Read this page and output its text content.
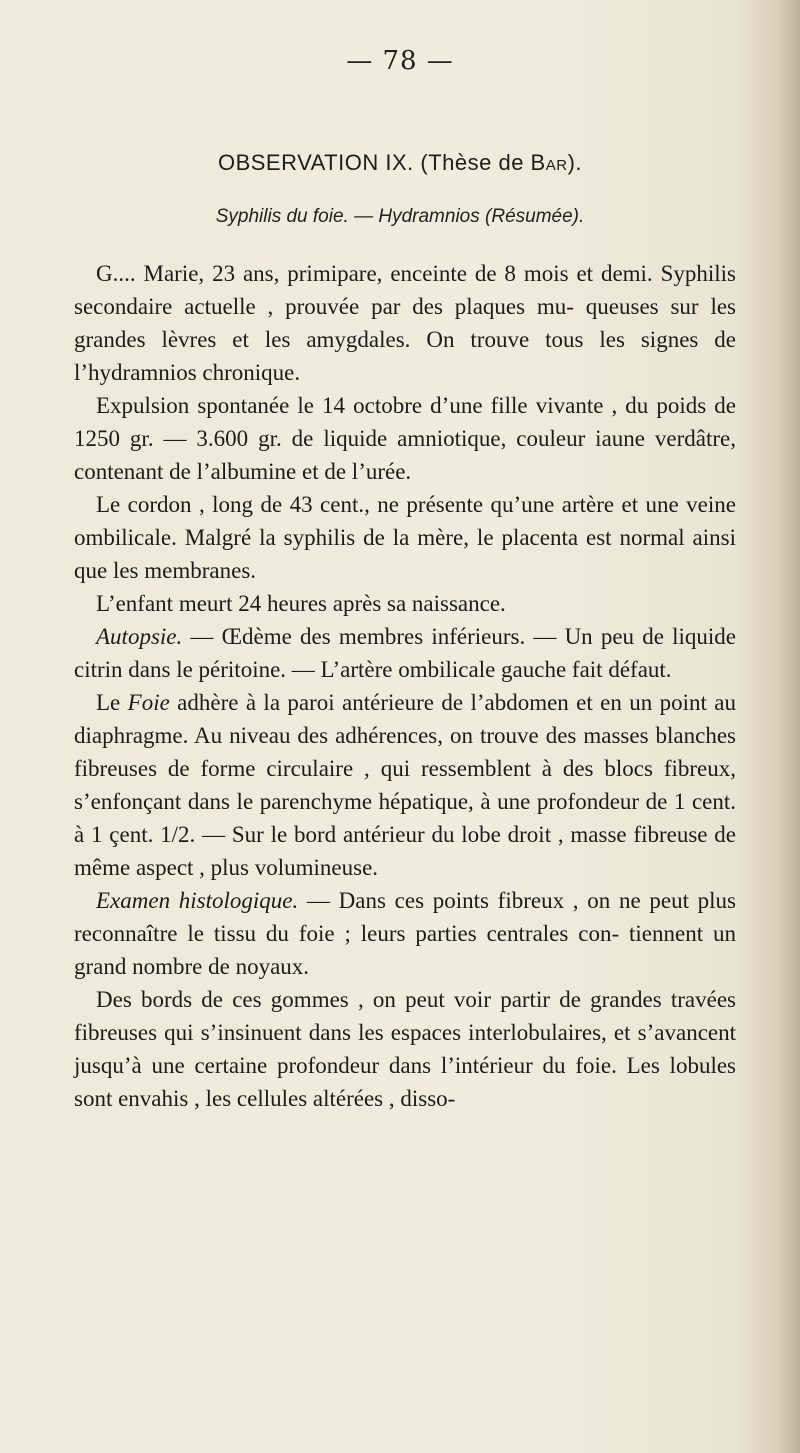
— 78 —
OBSERVATION IX. (Thèse de Bar).
Syphilis du foie. — Hydramnios (Résumée).

G.... Marie, 23 ans, primipare, enceinte de 8 mois et demi. Syphilis secondaire actuelle , prouvée par des plaques mu- queuses sur les grandes lèvres et les amygdales. On trouve tous les signes de l’hydramnios chronique.

Expulsion spontanée le 14 octobre d’une fille vivante , du poids de 1250 gr. — 3.600 gr. de liquide amniotique, couleur iaune verdâtre, contenant de l’albumine et de l’urée.

Le cordon , long de 43 cent., ne présente qu’une artère et une veine ombilicale. Malgré la syphilis de la mère, le placenta est normal ainsi que les membranes.

L’enfant meurt 24 heures après sa naissance.

Autopsie. — Œdème des membres inférieurs. — Un peu de liquide citrin dans le péritoine. — L’artère ombilicale gauche fait défaut.

Le Foie adhère à la paroi antérieure de l’abdomen et en un point au diaphragme. Au niveau des adhérences, on trouve des masses blanches fibreuses de forme circulaire , qui ressemblent à des blocs fibreux, s’enfonçant dans le parenchyme hépatique, à une profondeur de 1 cent. à 1 çent. 1/2. — Sur le bord antérieur du lobe droit , masse fibreuse de même aspect , plus volumineuse.

Examen histologique. — Dans ces points fibreux , on ne peut plus reconnaître le tissu du foie ; leurs parties centrales con- tiennent un grand nombre de noyaux.

Des bords de ces gommes , on peut voir partir de grandes travées fibreuses qui s’insinuent dans les espaces interlobulaires, et s’avancent jusqu’à une certaine profondeur dans l’intérieur du foie. Les lobules sont envahis , les cellules altérées , disso-
